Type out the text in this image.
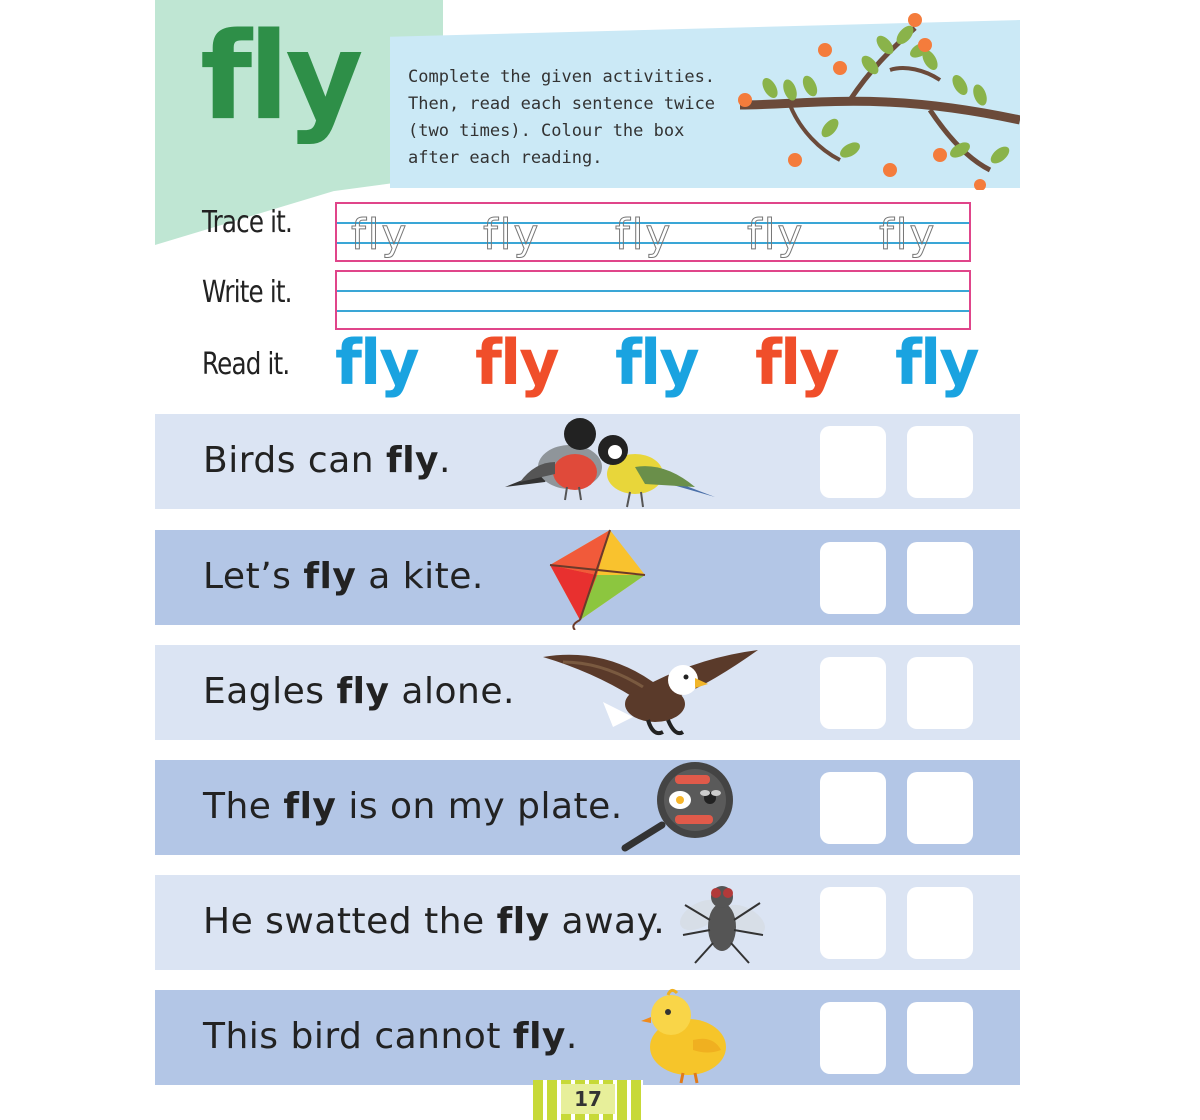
fly	Complete the given activities. Then, read each sentence twice (two times). Colour the box after each reading.
Trace it. fly fly fly fly fly
Write it.
Read it. fly fly fly fly fly
Birds can fly.
Let’s fly a kite.
Eagles fly alone.
The fly is on my plate.
He swatted the fly away.
This bird cannot fly.
17
